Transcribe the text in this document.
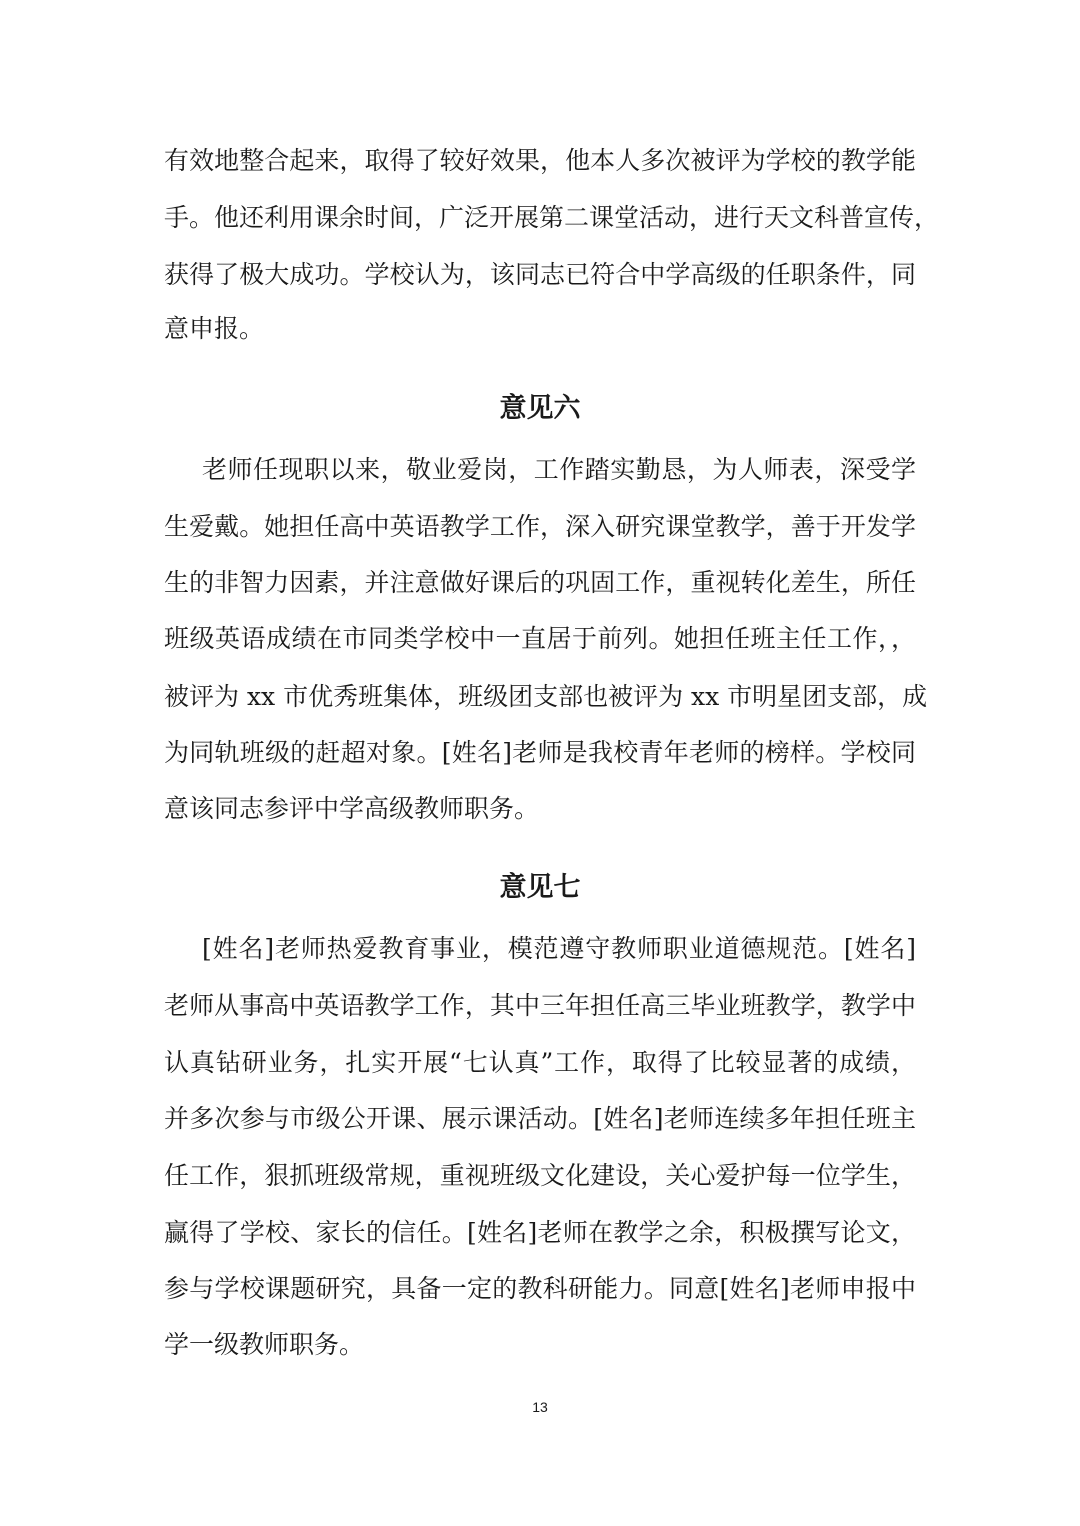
有效地整合起来，取得了较好效果，他本人多次被评为学校的教学能
手。他还利用课余时间，广泛开展第二课堂活动，进行天文科普宣传，
获得了极大成功。学校认为，该同志已符合中学高级的任职条件，同
意申报。
意见六
老师任现职以来，敬业爱岗，工作踏实勤恳，为人师表，深受学
生爱戴。她担任高中英语教学工作，深入研究课堂教学，善于开发学
生的非智力因素，并注意做好课后的巩固工作，重视转化差生，所任
班级英语成绩在市同类学校中一直居于前列。她担任班主任工作，，
被评为 xx 市优秀班集体，班级团支部也被评为 xx 市明星团支部，成
为同轨班级的赶超对象。[姓名]老师是我校青年老师的榜样。学校同
意该同志参评中学高级教师职务。
意见七
[姓名]老师热爱教育事业，模范遵守教师职业道德规范。[姓名]
老师从事高中英语教学工作，其中三年担任高三毕业班教学，教学中
认真钻研业务，扎实开展“七认真”工作，取得了比较显著的成绩，
并多次参与市级公开课、展示课活动。[姓名]老师连续多年担任班主
任工作，狠抓班级常规，重视班级文化建设，关心爱护每一位学生，
赢得了学校、家长的信任。[姓名]老师在教学之余，积极撰写论文，
参与学校课题研究，具备一定的教科研能力。同意[姓名]老师申报中
学一级教师职务。
13
